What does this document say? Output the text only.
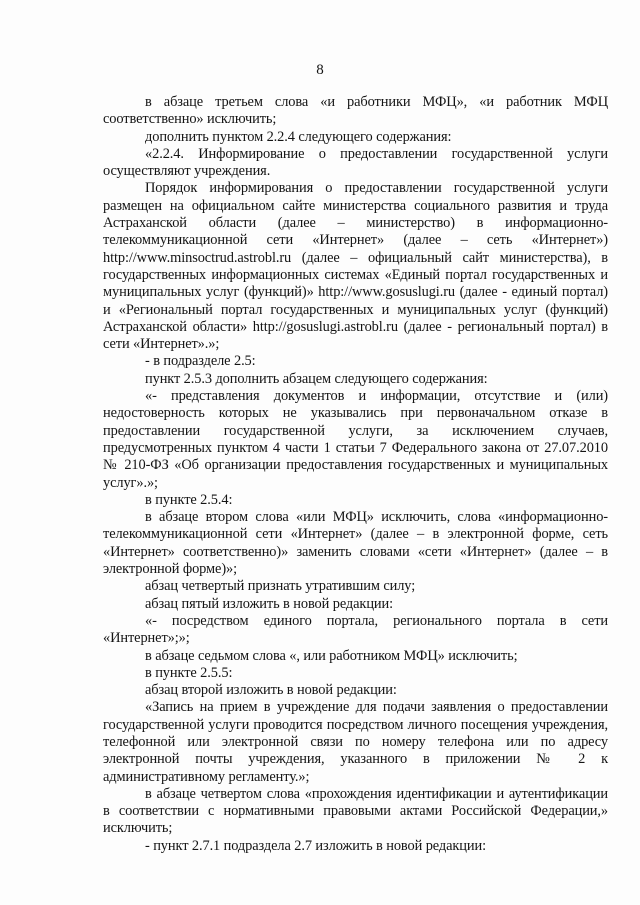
8

в абзаце третьем слова «и работники МФЦ», «и работник МФЦ соответственно» исключить;

дополнить пунктом 2.2.4 следующего содержания:

«2.2.4. Информирование о предоставлении государственной услуги осуществляют учреждения.

Порядок информирования о предоставлении государственной услуги размещен на официальном сайте министерства социального развития и труда Астраханской области (далее – министерство) в информационно-телекоммуникационной сети «Интернет» (далее – сеть «Интернет») http://www.minsoctrud.astrobl.ru (далее – официальный сайт министерства), в государственных информационных системах «Единый портал государственных и муниципальных услуг (функций)» http://www.gosuslugi.ru (далее - единый портал) и «Региональный портал государственных и муниципальных услуг (функций) Астраханской области» http://gosuslugi.astrobl.ru (далее - региональный портал) в сети «Интернет».»;

- в подразделе 2.5:

пункт 2.5.3 дополнить абзацем следующего содержания:

«- представления документов и информации, отсутствие и (или) недостоверность которых не указывались при первоначальном отказе в предоставлении государственной услуги, за исключением случаев, предусмотренных пунктом 4 части 1 статьи 7 Федерального закона от 27.07.2010 № 210-ФЗ «Об организации предоставления государственных и муниципальных услуг».»;

в пункте 2.5.4:

в абзаце втором слова «или МФЦ» исключить, слова «информационно-телекоммуникационной сети «Интернет» (далее – в электронной форме, сеть «Интернет» соответственно)» заменить словами «сети «Интернет» (далее – в электронной форме)»;

абзац четвертый признать утратившим силу;

абзац пятый изложить в новой редакции:

«- посредством единого портала, регионального портала в сети «Интернет»;»;

в абзаце седьмом слова «, или работником МФЦ» исключить;

в пункте 2.5.5:

абзац второй изложить в новой редакции:

«Запись на прием в учреждение для подачи заявления о предоставлении государственной услуги проводится посредством личного посещения учреждения, телефонной или электронной связи по номеру телефона или по адресу электронной почты учреждения, указанного в приложении № 2 к административному регламенту.»;

в абзаце четвертом слова «прохождения идентификации и аутентификации в соответствии с нормативными правовыми актами Российской Федерации,» исключить;

- пункт 2.7.1 подраздела 2.7 изложить в новой редакции:
